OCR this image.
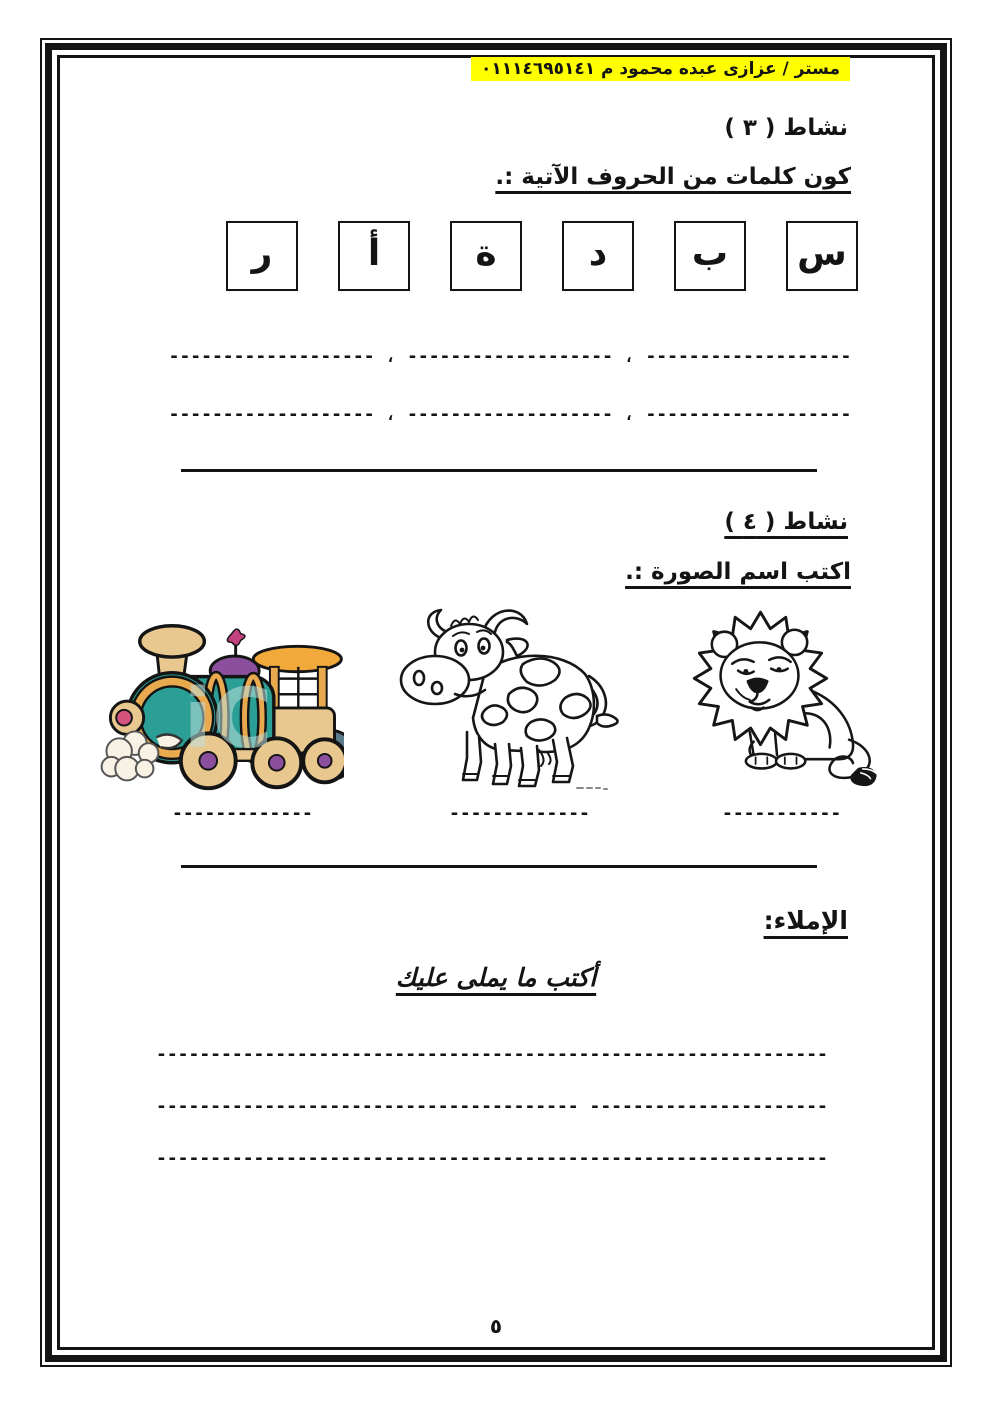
مستر / عزازى عبده محمود م ٠١١١٤٦٩٥١٤١
نشاط ( ٣ )
كون كلمات من الحروف الآتية :.
س
ب
د
ة
أ
ر
------------------- ، ------------------- ، -------------------
------------------- ، ------------------- ، -------------------
نشاط ( ٤ )
اكتب اسم الصورة :.
iC
-------------	-------------	-----------
الإملاء:
أكتب ما يملى عليك
--------------------------------------------------------------
--------------------------------------- ----------------------
--------------------------------------------------------------
٥
